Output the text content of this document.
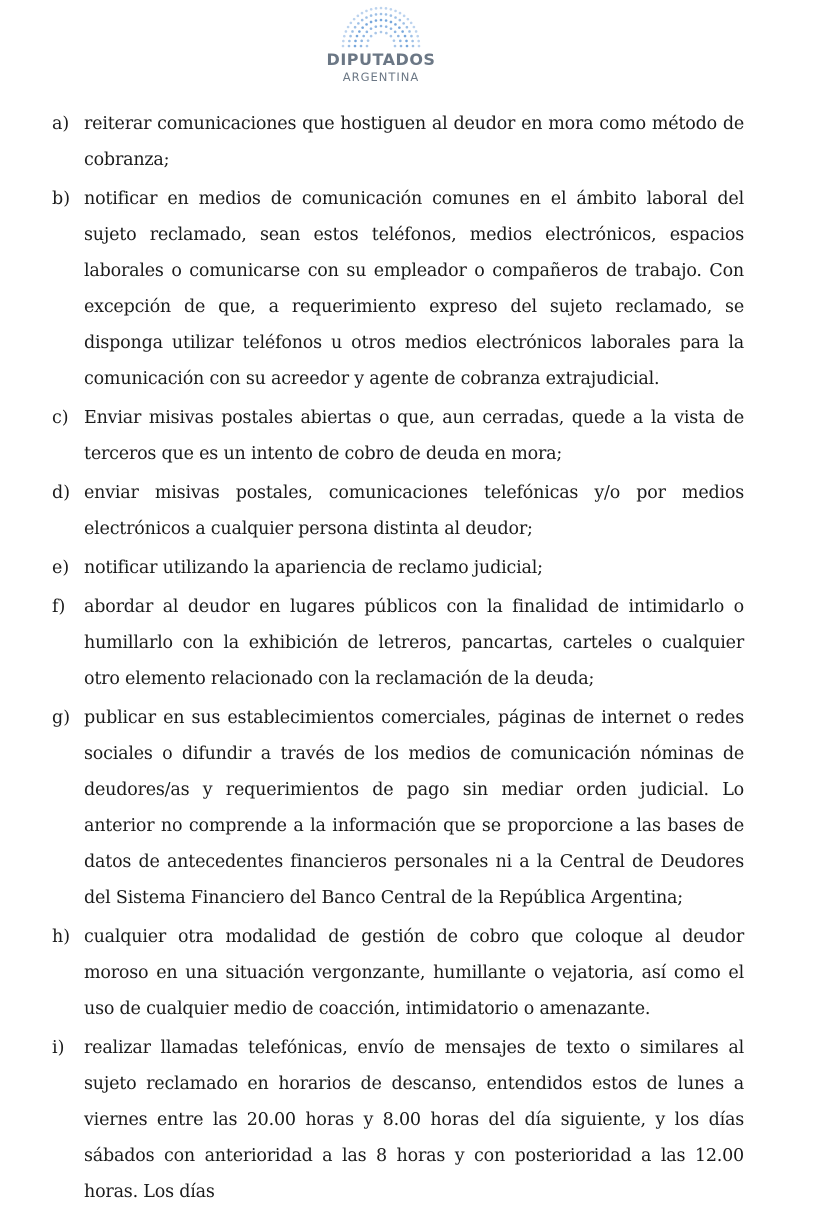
DIPUTADOS
ARGENTINA
a) reiterar comunicaciones que hostiguen al deudor en mora como método de cobranza;
b) notificar en medios de comunicación comunes en el ámbito laboral del sujeto reclamado, sean estos teléfonos, medios electrónicos, espacios laborales o comunicarse con su empleador o compañeros de trabajo. Con excepción de que, a requerimiento expreso del sujeto reclamado, se disponga utilizar teléfonos u otros medios electrónicos laborales para la comunicación con su acreedor y agente de cobranza extrajudicial.
c) Enviar misivas postales abiertas o que, aun cerradas, quede a la vista de terceros que es un intento de cobro de deuda en mora;
d) enviar misivas postales, comunicaciones telefónicas y/o por medios electrónicos a cualquier persona distinta al deudor;
e) notificar utilizando la apariencia de reclamo judicial;
f) abordar al deudor en lugares públicos con la finalidad de intimidarlo o humillarlo con la exhibición de letreros, pancartas, carteles o cualquier otro elemento relacionado con la reclamación de la deuda;
g) publicar en sus establecimientos comerciales, páginas de internet o redes sociales o difundir a través de los medios de comunicación nóminas de deudores/as y requerimientos de pago sin mediar orden judicial. Lo anterior no comprende a la información que se proporcione a las bases de datos de antecedentes financieros personales ni a la Central de Deudores del Sistema Financiero del Banco Central de la República Argentina;
h) cualquier otra modalidad de gestión de cobro que coloque al deudor moroso en una situación vergonzante, humillante o vejatoria, así como el uso de cualquier medio de coacción, intimidatorio o amenazante.
i) realizar llamadas telefónicas, envío de mensajes de texto o similares al sujeto reclamado en horarios de descanso, entendidos estos de lunes a viernes entre las 20.00 horas y 8.00 horas del día siguiente, y los días sábados con anterioridad a las 8 horas y con posterioridad a las 12.00 horas. Los días
